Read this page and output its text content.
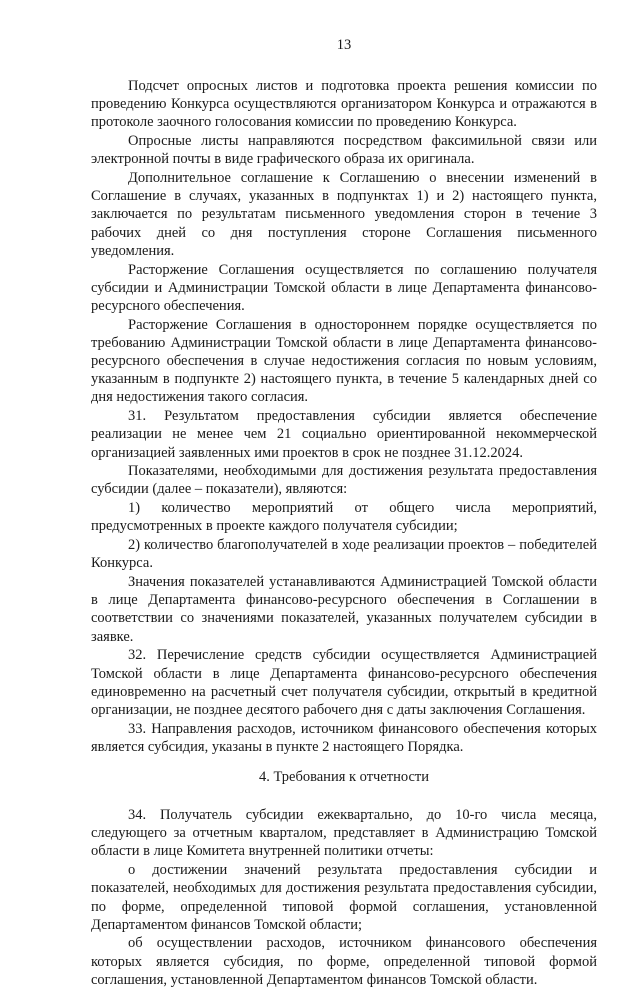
13

Подсчет опросных листов и подготовка проекта решения комиссии по проведению Конкурса осуществляются организатором Конкурса и отражаются в протоколе заочного голосования комиссии по проведению Конкурса.

Опросные листы направляются посредством факсимильной связи или электронной почты в виде графического образа их оригинала.

Дополнительное соглашение к Соглашению о внесении изменений в Соглашение в случаях, указанных в подпунктах 1) и 2) настоящего пункта, заключается по результатам письменного уведомления сторон в течение 3 рабочих дней со дня поступления стороне Соглашения письменного уведомления.

Расторжение Соглашения осуществляется по соглашению получателя субсидии и Администрации Томской области в лице Департамента финансово-ресурсного обеспечения.

Расторжение Соглашения в одностороннем порядке осуществляется по требованию Администрации Томской области в лице Департамента финансово-ресурсного обеспечения в случае недостижения согласия по новым условиям, указанным в подпункте 2) настоящего пункта, в течение 5 календарных дней со дня недостижения такого согласия.

31. Результатом предоставления субсидии является обеспечение реализации не менее чем 21 социально ориентированной некоммерческой организацией заявленных ими проектов в срок не позднее 31.12.2024.

Показателями, необходимыми для достижения результата предоставления субсидии (далее – показатели), являются:

1) количество мероприятий от общего числа мероприятий, предусмотренных в проекте каждого получателя субсидии;

2) количество благополучателей в ходе реализации проектов – победителей Конкурса.

Значения показателей устанавливаются Администрацией Томской области в лице Департамента финансово-ресурсного обеспечения в Соглашении в соответствии со значениями показателей, указанных получателем субсидии в заявке.

32. Перечисление средств субсидии осуществляется Администрацией Томской области в лице Департамента финансово-ресурсного обеспечения единовременно на расчетный счет получателя субсидии, открытый в кредитной организации, не позднее десятого рабочего дня с даты заключения Соглашения.

33. Направления расходов, источником финансового обеспечения которых является субсидия, указаны в пункте 2 настоящего Порядка.

4. Требования к отчетности

34. Получатель субсидии ежеквартально, до 10-го числа месяца, следующего за отчетным кварталом, представляет в Администрацию Томской области в лице Комитета внутренней политики отчеты:

о достижении значений результата предоставления субсидии и показателей, необходимых для достижения результата предоставления субсидии, по форме, определенной типовой формой соглашения, установленной Департаментом финансов Томской области;

об осуществлении расходов, источником финансового обеспечения которых является субсидия, по форме, определенной типовой формой соглашения, установленной Департаментом финансов Томской области.
